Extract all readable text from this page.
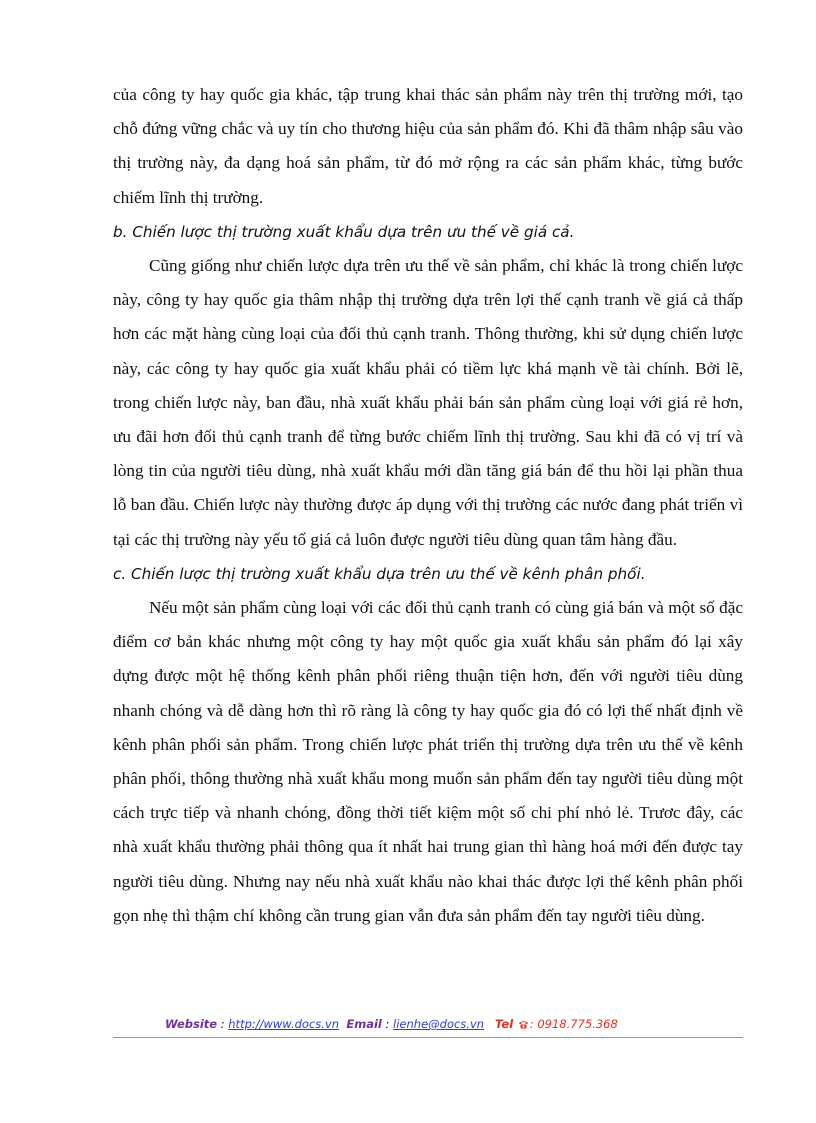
của công ty hay quốc gia khác, tập trung khai thác sản phẩm này trên thị trường mới, tạo chỗ đứng vững chắc và uy tín cho thương hiệu của sản phẩm đó. Khi đã thâm nhập sâu vào thị trường này, đa dạng hoá sản phẩm, từ đó mở rộng ra các sản phẩm khác, từng bước chiếm lĩnh thị trường.

b. Chiến lược thị trường xuất khẩu dựa trên ưu thế về giá cả.

Cũng giống như chiến lược dựa trên ưu thế về sản phẩm, chỉ khác là trong chiến lược này, công ty hay quốc gia thâm nhập thị trường dựa trên lợi thế cạnh tranh về giá cả thấp hơn các mặt hàng cùng loại của đối thủ cạnh tranh. Thông thường, khi sử dụng chiến lược này, các công ty hay quốc gia xuất khẩu phải có tiềm lực khá mạnh về tài chính. Bởi lẽ, trong chiến lược này, ban đầu, nhà xuất khẩu phải bán sản phẩm cùng loại với giá rẻ hơn, ưu đãi hơn đối thủ cạnh tranh để từng bước chiếm lĩnh thị trường. Sau khi đã có vị trí và lòng tin của người tiêu dùng, nhà xuất khẩu mới dần tăng giá bán để thu hồi lại phần thua lỗ ban đầu. Chiến lược này thường được áp dụng với thị trường các nước đang phát triển vì tại các thị trường này yếu tố giá cả luôn được người tiêu dùng quan tâm hàng đầu.

c. Chiến lược thị trường xuất khẩu dựa trên ưu thế về kênh phân phối.

Nếu một sản phẩm cùng loại với các đối thủ cạnh tranh có cùng giá bán và một số đặc điểm cơ bản khác nhưng một công ty hay một quốc gia xuất khẩu sản phẩm đó lại xây dựng được một hệ thống kênh phân phối riêng thuận tiện hơn, đến với người tiêu dùng nhanh chóng và dễ dàng hơn thì rõ ràng là công ty hay quốc gia đó có lợi thế nhất định về kênh phân phối sản phẩm. Trong chiến lược phát triển thị trường dựa trên ưu thế về kênh phân phối, thông thường nhà xuất khẩu mong muốn sản phẩm đến tay người tiêu dùng một cách trực tiếp và nhanh chóng, đồng thời tiết kiệm một số chi phí nhỏ lẻ. Trươc đây, các nhà xuất khẩu thường phải thông qua ít nhất hai trung gian thì hàng hoá mới đến được tay người tiêu dùng. Nhưng nay nếu nhà xuất khẩu nào khai thác được lợi thế kênh phân phối gọn nhẹ thì thậm chí không cần trung gian vẫn đưa sản phẩm đến tay người tiêu dùng.

Website : http://www.docs.vn Email : lienhe@docs.vn Tel : 0918.775.368
